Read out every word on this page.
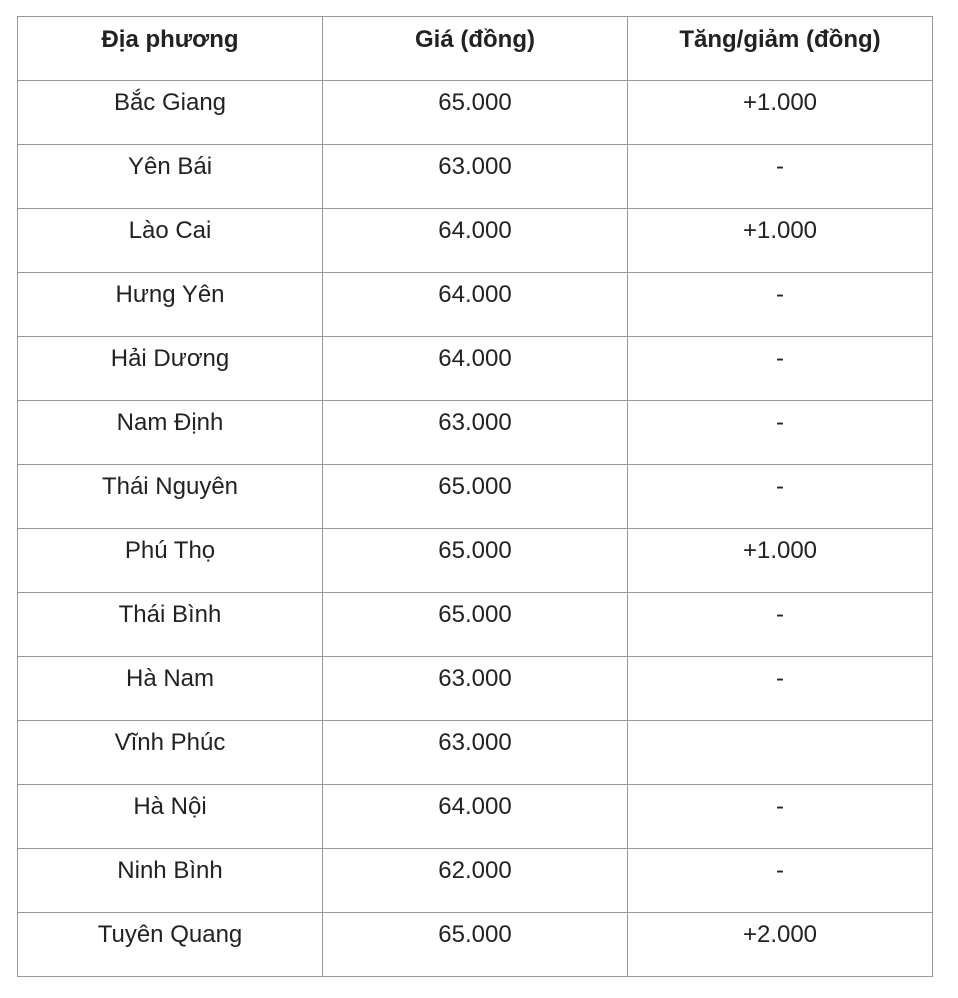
Địa phương	Giá (đồng)	Tăng/giảm (đồng)
Bắc Giang	65.000	+1.000
Yên Bái	63.000	-
Lào Cai	64.000	+1.000
Hưng Yên	64.000	-
Hải Dương	64.000	-
Nam Định	63.000	-
Thái Nguyên	65.000	-
Phú Thọ	65.000	+1.000
Thái Bình	65.000	-
Hà Nam	63.000	-
Vĩnh Phúc	63.000	
Hà Nội	64.000	-
Ninh Bình	62.000	-
Tuyên Quang	65.000	+2.000
